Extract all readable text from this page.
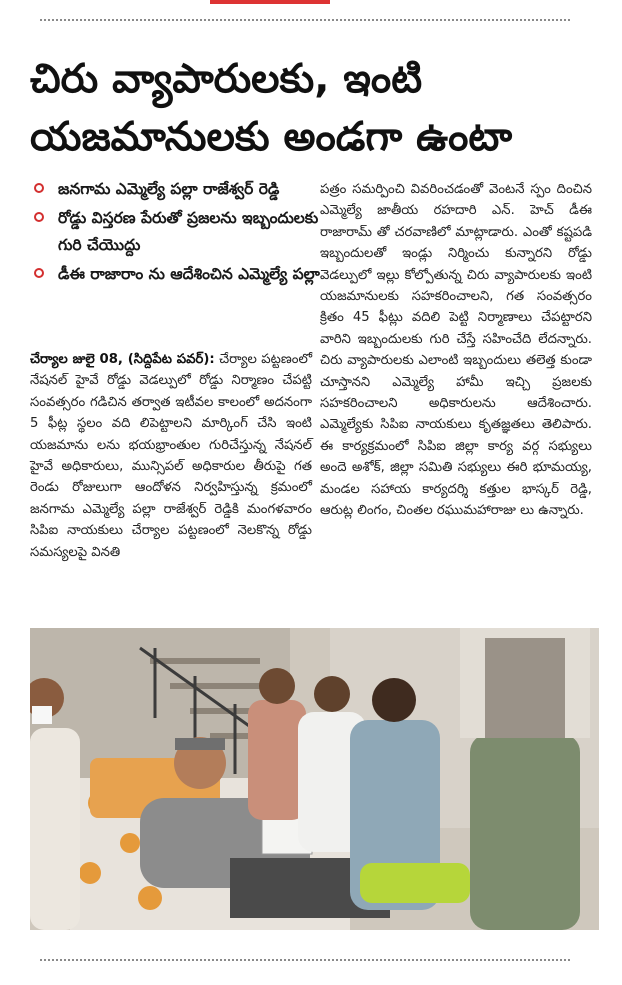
చిరు వ్యాపారులకు, ఇంటి
యజమానులకు అండగా ఉంటా
జనగామ ఎమ్మెల్యే పల్లా రాజేశ్వర్ రెడ్డి
రోడ్డు విస్తరణ పేరుతో ప్రజలను ఇబ్బందులకు గురి చేయొద్దు
డీఈ రాజారాం ను ఆదేశించిన ఎమ్మెల్యే పల్లా
చేర్యాల జులై 08, (సిద్దిపేట పవర్): చేర్యాల పట్టణంలో నేషనల్ హైవే రోడ్డు వెడల్పులో రోడ్డు నిర్మాణం చేపట్టి సంవత్సరం గడిచిన తర్వాత ఇటీవల కాలంలో అదనంగా 5 ఫీట్ల స్థలం వది లిపెట్టాలని మార్కింగ్ చేసి ఇంటి యజమాను లను భయభ్రాంతుల గురిచేస్తున్న నేషనల్ హైవే అధికారులు, మున్సిపల్ అధికారుల తీరుపై గత రెండు రోజులుగా ఆందోళన నిర్వహిస్తున్న క్రమంలో జనగామ ఎమ్మెల్యే పల్లా రాజేశ్వర్ రెడ్డికి మంగళవారం సిపిఐ నాయకులు చేర్యాల పట్టణంలో నెలకొన్న రోడ్డు సమస్యలపై వినతి
పత్రం సమర్పించి వివరించడంతో వెంటనే స్పం దించిన ఎమ్మెల్యే జాతీయ రహదారి ఎన్. హెచ్ డీఈ రాజారామ్ తో చరవాణిలో మాట్లాడారు. ఎంతో కష్టపడి ఇబ్బందులతో ఇండ్లు నిర్మించు కున్నారని రోడ్డు వెడల్పులో ఇల్లు కోల్పోతున్న చిరు వ్యాపారులకు ఇంటి యజమానులకు సహకరించాలని, గత సంవత్సరం క్రితం 45 ఫీట్లు వదిలి పెట్టి నిర్మాణాలు చేపట్టారని వారిని ఇబ్బందులకు గురి చేస్తే సహించేది లేదన్నారు. చిరు వ్యాపారులకు ఎలాంటి ఇబ్బందులు తలెత్త కుండా చూస్తానని ఎమ్మెల్యే హామీ ఇచ్చి ప్రజలకు సహకరించాలని అధికారులను ఆదేశించారు. ఎమ్మెల్యేకు సిపిఐ నాయకులు కృతజ్ఞతలు తెలిపారు. ఈ కార్యక్రమంలో సిపిఐ జిల్లా కార్య వర్గ సభ్యులు అందె అశోక్, జిల్లా సమితి సభ్యులు ఈరి భూమయ్య, మండల సహాయ కార్యదర్శి కత్తుల భాస్కర్ రెడ్డి, ఆరుట్ల లింగం, చింతల రఘుమహారాజు లు ఉన్నారు.
